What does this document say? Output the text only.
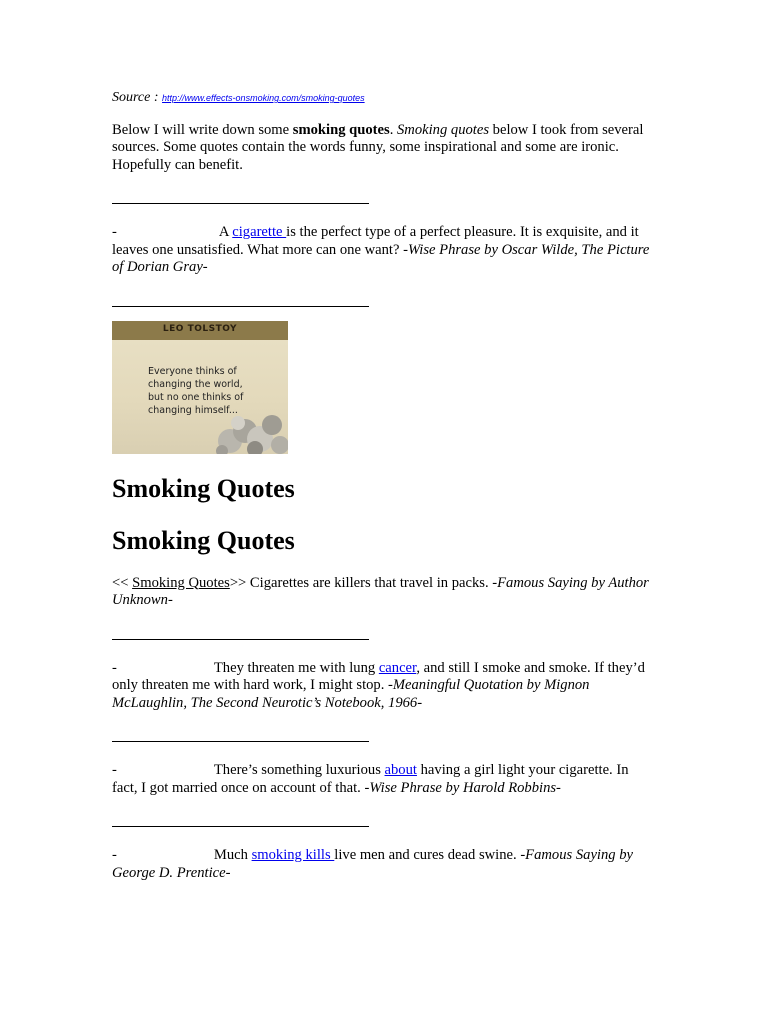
Source : http://www.effects-onsmoking.com/smoking-quotes

Below I will write down some smoking quotes. Smoking quotes below I took from several sources. Some quotes contain the words funny, some inspirational and some are ironic. Hopefully can benefit.

-	A cigarette is the perfect type of a perfect pleasure. It is exquisite, and it leaves one unsatisfied. What more can one want? -Wise Phrase by Oscar Wilde, The Picture of Dorian Gray-

LEO TOLSTOY
Everyone thinks of
changing the world,
but no one thinks of
changing himself...
Smoking Quotes
Smoking Quotes

<< Smoking Quotes>> Cigarettes are killers that travel in packs. -Famous Saying by Author Unknown-

-	They threaten me with lung cancer, and still I smoke and smoke. If they’d only threaten me with hard work, I might stop. -Meaningful Quotation by Mignon McLaughlin, The Second Neurotic’s Notebook, 1966-

-	There’s something luxurious about having a girl light your cigarette. In fact, I got married once on account of that. -Wise Phrase by Harold Robbins-

-	Much smoking kills live men and cures dead swine. -Famous Saying by George D. Prentice-
